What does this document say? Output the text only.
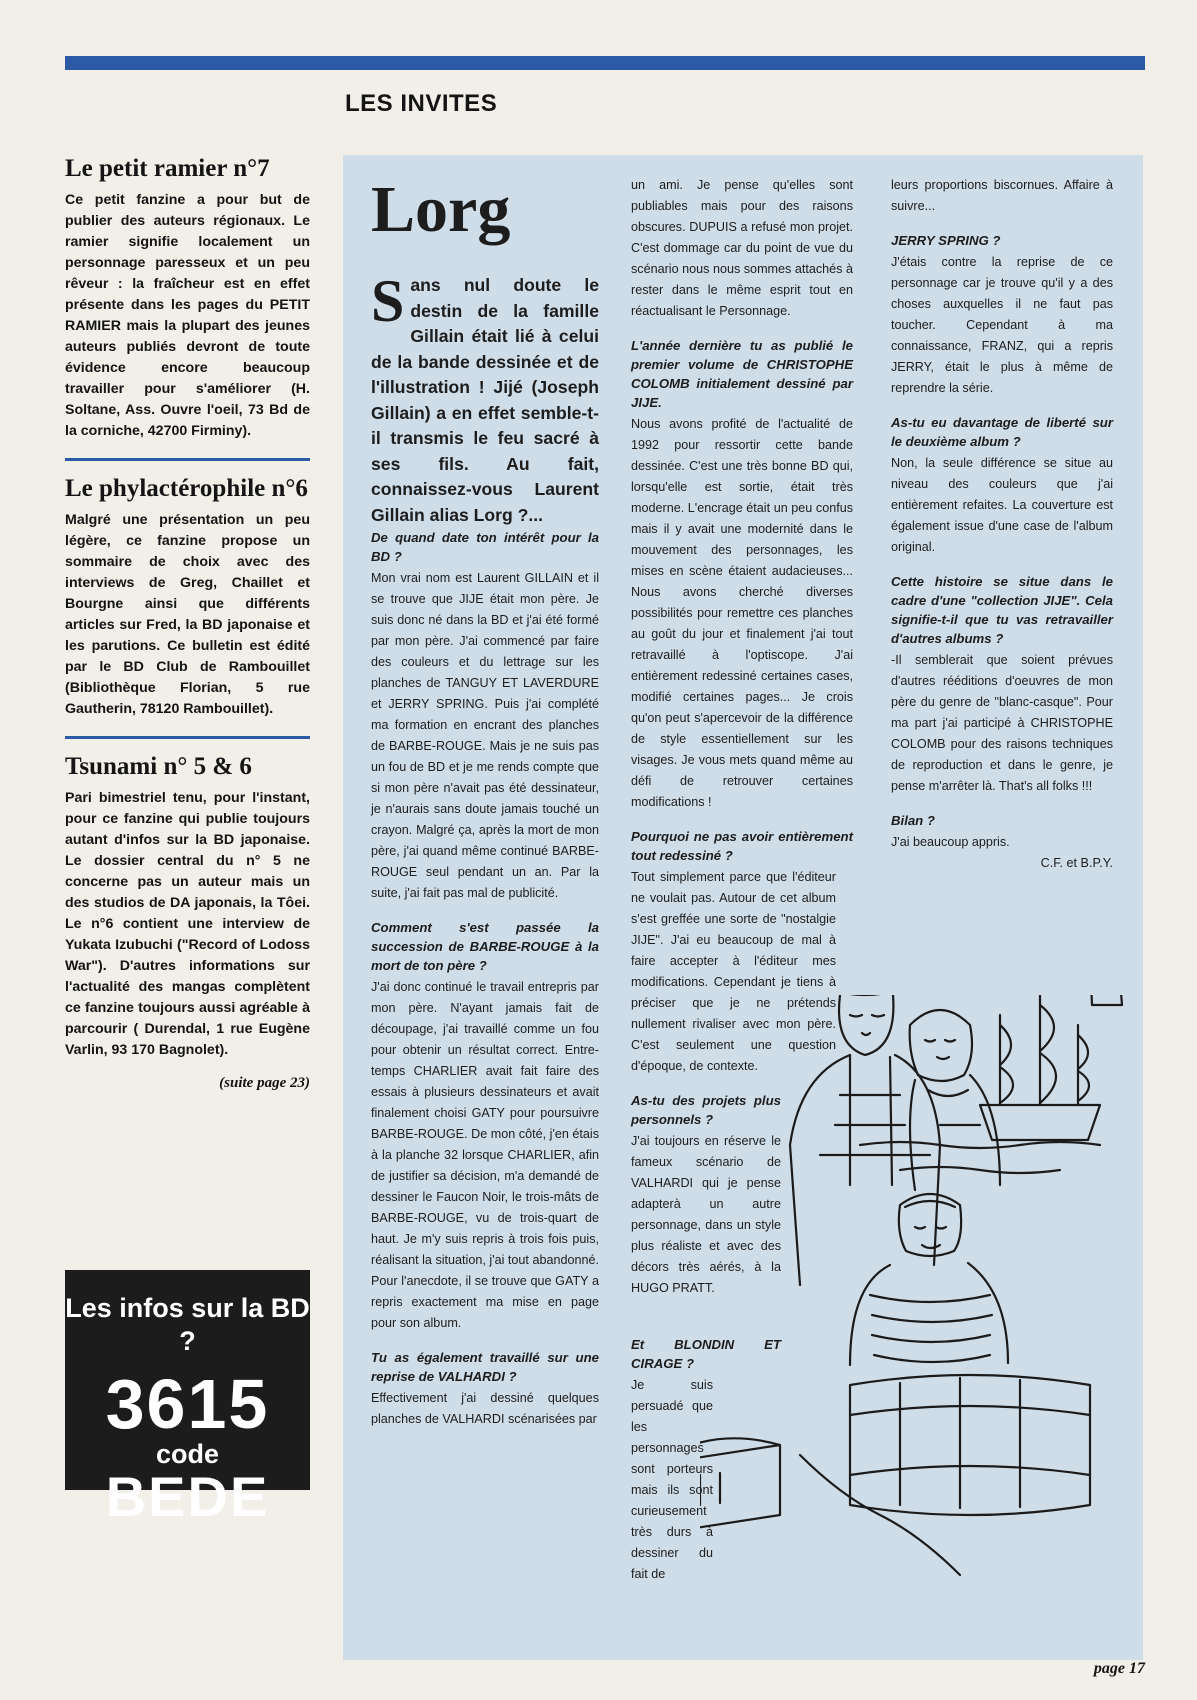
LES INVITES
Le petit ramier n°7

Ce petit fanzine a pour but de publier des auteurs régionaux. Le ramier signifie localement un personnage paresseux et un peu rêveur : la fraîcheur est en effet présente dans les pages du PETIT RAMIER mais la plupart des jeunes auteurs publiés devront de toute évidence encore beaucoup travailler pour s'améliorer (H. Soltane, Ass. Ouvre l'oeil, 73 Bd de la corniche, 42700 Firminy).

Le phylactérophile n°6

Malgré une présentation un peu légère, ce fanzine propose un sommaire de choix avec des interviews de Greg, Chaillet et Bourgne ainsi que différents articles sur Fred, la BD japonaise et les parutions. Ce bulletin est édité par le BD Club de Rambouillet (Bibliothèque Florian, 5 rue Gautherin, 78120 Rambouillet).

Tsunami n° 5 & 6

Pari bimestriel tenu, pour l'instant, pour ce fanzine qui publie toujours autant d'infos sur la BD japonaise. Le dossier central du n° 5 ne concerne pas un auteur mais un des studios de DA japonais, la Tôei. Le n°6 contient une interview de Yukata Izubuchi ("Record of Lodoss War"). D'autres informations sur l'actualité des mangas complètent ce fanzine toujours aussi agréable à parcourir ( Durendal, 1 rue Eugène Varlin, 93 170 Bagnolet).

(suite page 23)
Les infos sur la BD ?
3615
code
BEDE
Lorg

Sans nul doute le destin de la famille Gillain était lié à celui de la bande dessinée et de l'illustration ! Jijé (Joseph Gillain) a en effet semble-t-il transmis le feu sacré à ses fils. Au fait, connaissez-vous Laurent Gillain alias Lorg ?...

De quand date ton intérêt pour la BD ?

Mon vrai nom est Laurent GILLAIN et il se trouve que JIJE était mon père. Je suis donc né dans la BD et j'ai été formé par mon père. J'ai commencé par faire des couleurs et du lettrage sur les planches de TANGUY ET LAVERDURE et JERRY SPRING. Puis j'ai complété ma formation en encrant des planches de BARBE-ROUGE. Mais je ne suis pas un fou de BD et je me rends compte que si mon père n'avait pas été dessinateur, je n'aurais sans doute jamais touché un crayon. Malgré ça, après la mort de mon père, j'ai quand même continué BARBE-ROUGE seul pendant un an. Par la suite, j'ai fait pas mal de publicité.

Comment s'est passée la succession de BARBE-ROUGE à la mort de ton père ?

J'ai donc continué le travail entrepris par mon père. N'ayant jamais fait de découpage, j'ai travaillé comme un fou pour obtenir un résultat correct. Entre-temps CHARLIER avait fait faire des essais à plusieurs dessinateurs et avait finalement choisi GATY pour poursuivre BARBE-ROUGE. De mon côté, j'en étais à la planche 32 lorsque CHARLIER, afin de justifier sa décision, m'a demandé de dessiner le Faucon Noir, le trois-mâts de BARBE-ROUGE, vu de trois-quart de haut. Je m'y suis repris à trois fois puis, réalisant la situation, j'ai tout abandonné. Pour l'anecdote, il se trouve que GATY a repris exactement ma mise en page pour son album.

Tu as également travaillé sur une reprise de VALHARDI ?

Effectivement j'ai dessiné quelques planches de VALHARDI scénarisées par

un ami. Je pense qu'elles sont publiables mais pour des raisons obscures. DUPUIS a refusé mon projet. C'est dommage car du point de vue du scénario nous nous sommes attachés à rester dans le même esprit tout en réactualisant le Personnage.

L'année dernière tu as publié le premier volume de CHRISTOPHE COLOMB initialement dessiné par JIJE.

Nous avons profité de l'actualité de 1992 pour ressortir cette bande dessinée. C'est une très bonne BD qui, lorsqu'elle est sortie, était très moderne. L'encrage était un peu confus mais il y avait une modernité dans le mouvement des personnages, les mises en scène étaient audacieuses... Nous avons cherché diverses possibilités pour remettre ces planches au goût du jour et finalement j'ai tout retravaillé à l'optiscope. J'ai entièrement redessiné certaines cases, modifié certaines pages... Je crois qu'on peut s'apercevoir de la différence de style essentiellement sur les visages. Je vous mets quand même au défi de retrouver certaines modifications !

Pourquoi ne pas avoir entièrement tout redessiné ?

Tout simplement parce que l'éditeur ne voulait pas. Autour de cet album s'est greffée une sorte de "nostalgie JIJE". J'ai eu beaucoup de mal à faire accepter à l'éditeur mes modifications. Cependant je tiens à préciser que je ne prétends nullement rivaliser avec mon père. C'est seulement une question d'époque, de contexte.

As-tu des projets plus personnels ?

J'ai toujours en réserve le fameux scénario de VALHARDI qui je pense adapterà un autre personnage, dans un style plus réaliste et avec des décors très aérés, à la HUGO PRATT.

Et BLONDIN ET CIRAGE ?

Je suis persuadé que les personnages sont porteurs mais ils sont curieusement très durs à dessiner du fait de

leurs proportions biscornues. Affaire à suivre...

JERRY SPRING ?

J'étais contre la reprise de ce personnage car je trouve qu'il y a des choses auxquelles il ne faut pas toucher. Cependant à ma connaissance, FRANZ, qui a repris JERRY, était le plus à même de reprendre la série.

As-tu eu davantage de liberté sur le deuxième album ?

Non, la seule différence se situe au niveau des couleurs que j'ai entièrement refaites. La couverture est également issue d'une case de l'album original.

Cette histoire se situe dans le cadre d'une "collection JIJE". Cela signifie-t-il que tu vas retravailler d'autres albums ?

-Il semblerait que soient prévues d'autres rééditions d'oeuvres de mon père du genre de "blanc-casque". Pour ma part j'ai participé à CHRISTOPHE COLOMB pour des raisons techniques de reproduction et dans le genre, je pense m'arrêter là. That's all folks !!!

Bilan ?

J'ai beaucoup appris.

C.F. et B.P.Y.

page 17
